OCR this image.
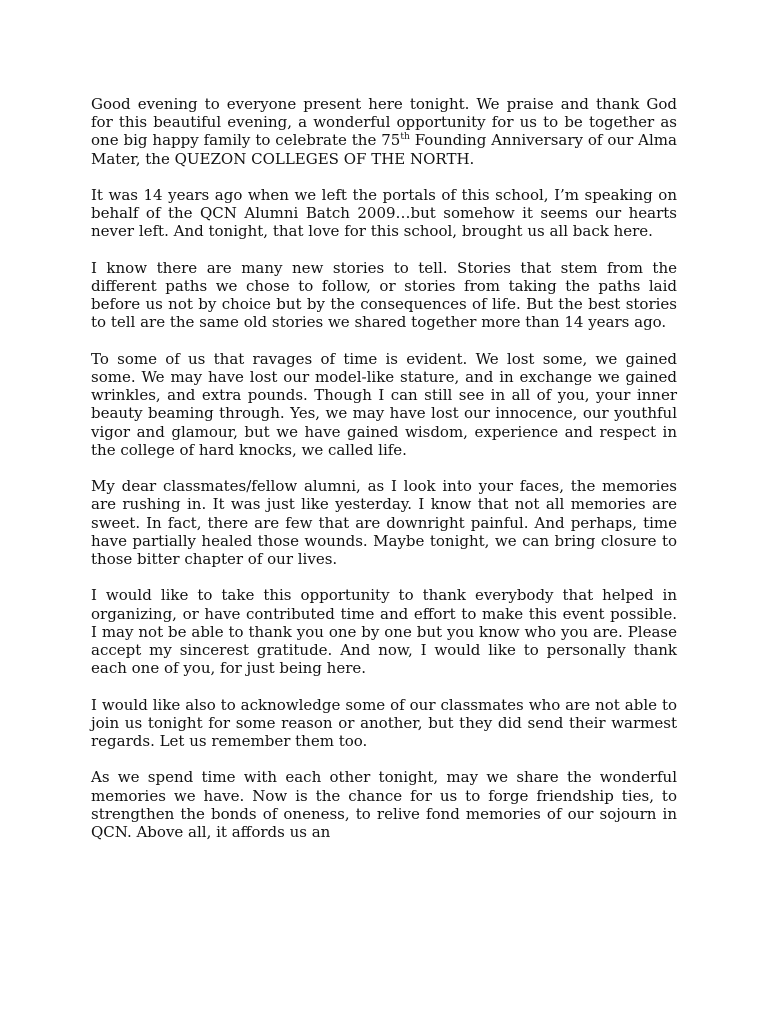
Good evening to everyone present here tonight. We praise and thank God for this beautiful evening, a wonderful opportunity for us to be together as one big happy family to celebrate the 75th Founding Anniversary of our Alma Mater, the QUEZON COLLEGES OF THE NORTH.

It was 14 years ago when we left the portals of this school, I’m speaking on behalf of the QCN Alumni Batch 2009…but somehow it seems our hearts never left. And tonight, that love for this school, brought us all back here.

I know there are many new stories to tell. Stories that stem from the different paths we chose to follow, or stories from taking the paths laid before us not by choice but by the consequences of life. But the best stories to tell are the same old stories we shared together more than 14 years ago.

To some of us that ravages of time is evident. We lost some, we gained some. We may have lost our model-like stature, and in exchange we gained wrinkles, and extra pounds. Though I can still see in all of you, your inner beauty beaming through. Yes, we may have lost our innocence, our youthful vigor and glamour, but we have gained wisdom, experience and respect in the college of hard knocks, we called life.

My dear classmates/fellow alumni, as I look into your faces, the memories are rushing in. It was just like yesterday. I know that not all memories are sweet. In fact, there are few that are downright painful. And perhaps, time have partially healed those wounds. Maybe tonight, we can bring closure to those bitter chapter of our lives.

I would like to take this opportunity to thank everybody that helped in organizing, or have contributed time and effort to make this event possible. I may not be able to thank you one by one but you know who you are. Please accept my sincerest gratitude. And now, I would like to personally thank each one of you, for just being here.

I would like also to acknowledge some of our classmates who are not able to join us tonight for some reason or another, but they did send their warmest regards. Let us remember them too.

As we spend time with each other tonight, may we share the wonderful memories we have. Now is the chance for us to forge friendship ties, to strengthen the bonds of oneness, to relive fond memories of our sojourn in QCN. Above all, it affords us an
